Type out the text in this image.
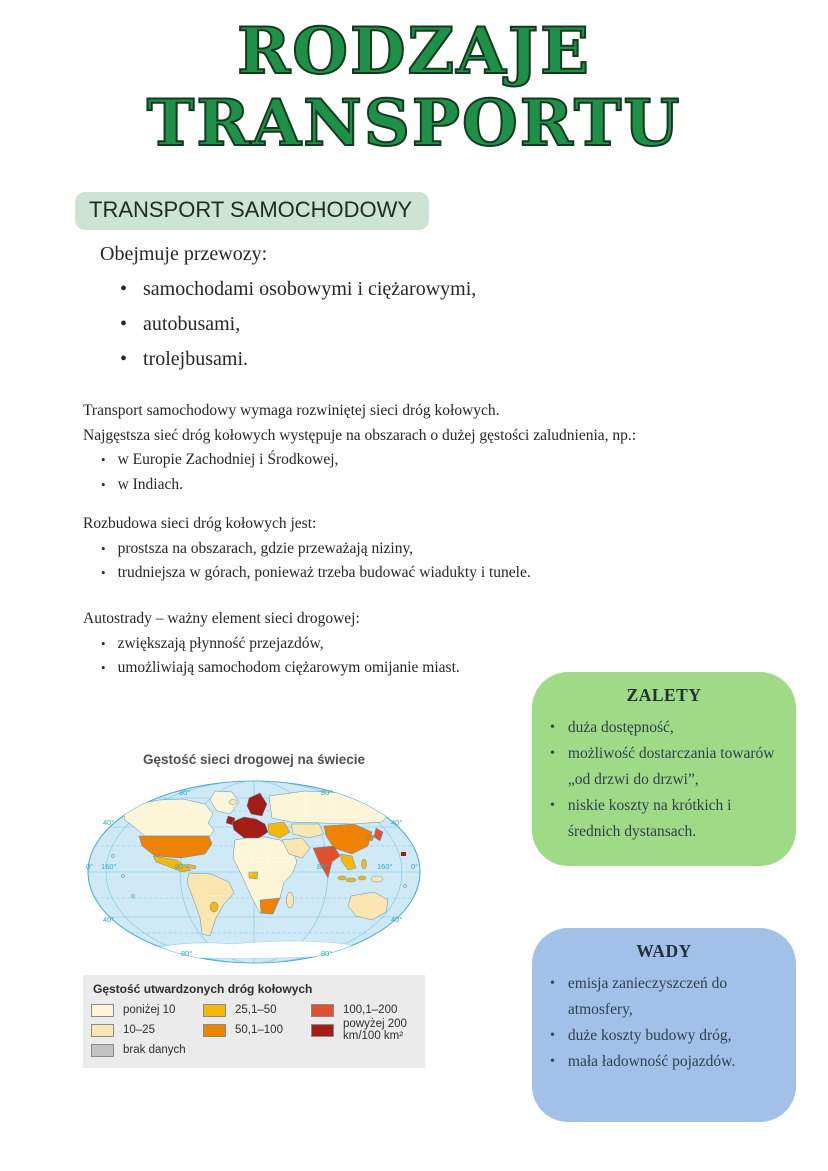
RODZAJE
TRANSPORTU
TRANSPORT SAMOCHODOWY
Obejmuje przewozy:
• samochodami osobowymi i ciężarowymi,
• autobusami,
• trolejbusami.
Transport samochodowy wymaga rozwiniętej sieci dróg kołowych.
Najgęstsza sieć dróg kołowych występuje na obszarach o dużej gęstości zaludnienia, np.:
• w Europie Zachodniej i Środkowej,
• w Indiach.
Rozbudowa sieci dróg kołowych jest:
• prostsza na obszarach, gdzie przeważają niziny,
• trudniejsza w górach, ponieważ trzeba budować wiadukty i tunele.
Autostrady – ważny element sieci drogowej:
• zwiększają płynność przejazdów,
• umożliwiają samochodom ciężarowym omijanie miast.
Gęstość sieci drogowej na świecie
80°	80°
40°	40°
0° 160°	80°	80°	160° 0°
40°	40°
80°	80°
Gęstość utwardzonych dróg kołowych
poniżej 10
10–25
brak danych
25,1–50
50,1–100
100,1–200
powyżej 200 km/100 km²
ZALETY
• duża dostępność,
• możliwość dostarczania towarów „od drzwi do drzwi”,
• niskie koszty na krótkich i średnich dystansach.
WADY
• emisja zanieczyszczeń do atmosfery,
• duże koszty budowy dróg,
• mała ładowność pojazdów.
